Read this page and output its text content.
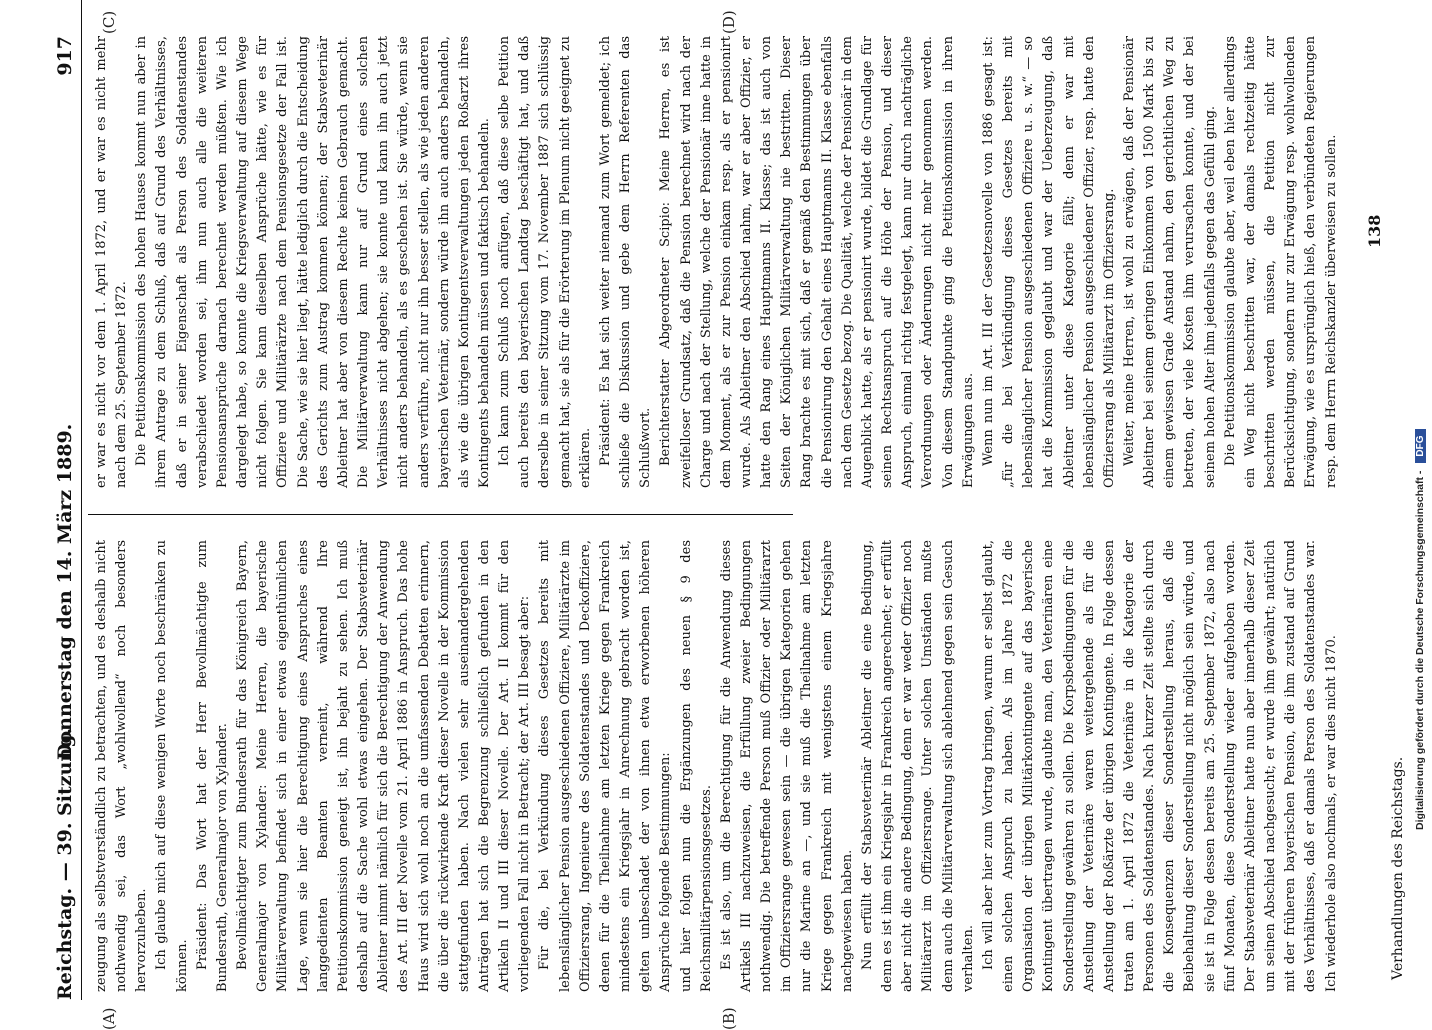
Reichstag. — 39. Sitzung.
Donnerstag den 14. März 1889.
917
(A)	(B)
(C)	(D)

zeugung als selbstverständlich zu betrachten, und es deshalb nicht nothwendig sei, das Wort „wohlwollend“ noch besonders hervorzuheben. Ich glaube mich auf diese wenigen Worte noch beschränken zu können. Präsident: Das Wort hat der Herr Bevollmächtigte zum Bundesrath, Generalmajor von Xylander. Bevollmächtigter zum Bundesrath für das Königreich Bayern, Generalmajor von Xylander: Meine Herren, die bayerische Militärverwaltung befindet sich in einer etwas eigenthümlichen Lage, wenn sie hier die Berechtigung eines Anspruches eines langgedienten Beamten verneint, während Ihre Petitionskommission geneigt ist, ihn bejaht zu sehen. Ich muß deshalb auf die Sache wohl etwas eingehen. Der Stabsveterinär Ableitner nimmt nämlich für sich die Berechtigung der Anwendung des Art. III der Novelle vom 21. April 1886 in Anspruch. Das hohe Haus wird sich wohl noch an die umfassenden Debatten erinnern, die über die rückwirkende Kraft dieser Novelle in der Kommission stattgefunden haben. Nach vielen sehr auseinandergehenden Anträgen hat sich die Begrenzung schließlich gefunden in den Artikeln II und III dieser Novelle. Der Art. II kommt für den vorliegenden Fall nicht in Betracht; der Art. III besagt aber: Für die, bei Verkündung dieses Gesetzes bereits mit lebenslänglicher Pension ausgeschiedenen Offiziere, Militärärzte im Offiziersrang, Ingenieure des Soldatenstandes und Deckoffiziere, denen für die Theilnahme am letzten Kriege gegen Frankreich mindestens ein Kriegsjahr in Anrechnung gebracht worden ist, gelten unbeschadet der von ihnen etwa erworbenen höheren Ansprüche folgende Bestimmungen: und hier folgen nun die Ergänzungen des neuen § 9 des Reichsmilitärpensionsgesetzes. Es ist also, um die Berechtigung für die Anwendung dieses Artikels III nachzuweisen, die Erfüllung zweier Bedingungen nothwendig. Die betreffende Person muß Offizier oder Militärarzt im Offiziersrange gewesen sein — die übrigen Kategorien gehen nur die Marine an —, und sie muß die Theilnahme am letzten Kriege gegen Frankreich mit wenigstens einem Kriegsjahre nachgewiesen haben. Nun erfüllt der Stabsveterinär Ableitner die eine Bedingung, denn es ist ihm ein Kriegsjahr in Frankreich angerechnet; er erfüllt aber nicht die andere Bedingung, denn er war weder Offizier noch Militärarzt im Offiziersrange. Unter solchen Umständen mußte denn auch die Militärverwaltung sich ablehnend gegen sein Gesuch verhalten. Ich will aber hier zum Vortrag bringen, warum er selbst glaubt, einen solchen Anspruch zu haben. Als im Jahre 1872 die Organisation der übrigen Militärkontingente auf das bayerische Kontingent übertragen wurde, glaubte man, den Veterinären eine Sonderstellung gewähren zu sollen. Die Korpsbedingungen für die Anstellung der Veterinäre waren weitergehende als für die Anstellung der Roßärzte der übrigen Kontingente. In Folge dessen traten am 1. April 1872 die Veterinäre in die Kategorie der Personen des Soldatenstandes. Nach kurzer Zeit stellte sich durch die Konsequenzen dieser Sonderstellung heraus, daß die Beibehaltung dieser Sonderstellung nicht möglich sein würde, und sie ist in Folge dessen bereits am 25. September 1872, also nach fünf Monaten, diese Sonderstellung wieder aufgehoben worden. Der Stabsveterinär Ableitner hatte nun aber innerhalb dieser Zeit um seinen Abschied nachgesucht; er wurde ihm gewährt; natürlich mit der früheren bayerischen Pension, die ihm zustand auf Grund des Verhältnisses, daß er damals Person des Soldatenstandes war. Ich wiederhole also nochmals, er war dies nicht 1870.

er war es nicht vor dem 1. April 1872, und er war es nicht mehr nach dem 25. September 1872. Die Petitionskommission des hohen Hauses kommt nun aber in ihrem Antrage zu dem Schluß, daß auf Grund des Verhältnisses, daß er in seiner Eigenschaft als Person des Soldatenstandes verabschiedet worden sei, ihm nun auch alle die weiteren Pensionsansprüche darnach berechnet werden müßten. Wie ich dargelegt habe, so konnte die Kriegsverwaltung auf diesem Wege nicht folgen. Sie kann dieselben Ansprüche hätte, wie es für Offiziere und Militärärzte nach dem Pensionsgesetze der Fall ist. Die Sache, wie sie hier liegt, hätte lediglich durch die Entscheidung des Gerichts zum Austrag kommen können; der Stabsveterinär Ableitner hat aber von diesem Rechte keinen Gebrauch gemacht. Die Militärverwaltung kann nur auf Grund eines solchen Verhältnisses nicht abgehen; sie konnte und kann ihn auch jetzt nicht anders behandeln, als es geschehen ist. Sie würde, wenn sie anders verführe, nicht nur ihn besser stellen, als wie jeden anderen bayerischen Veterinär, sondern würde ihn auch anders behandeln, als wie die übrigen Kontingentsverwaltungen jeden Roßarzt ihres Kontingents behandeln müssen und faktisch behandeln. Ich kann zum Schluß noch anfügen, daß diese selbe Petition auch bereits den bayerischen Landtag beschäftigt hat, und daß derselbe in seiner Sitzung vom 17. November 1887 sich schlüssig gemacht hat, sie als für die Erörterung im Plenum nicht geeignet zu erklären. Präsident: Es hat sich weiter niemand zum Wort gemeldet; ich schließe die Diskussion und gebe dem Herrn Referenten das Schlußwort. Berichterstatter Abgeordneter Scipio: Meine Herren, es ist zweifelloser Grundsatz, daß die Pension berechnet wird nach der Charge und nach der Stellung, welche der Pensionär inne hatte in dem Moment, als er zur Pension einkam resp. als er pensionirt wurde. Als Ableitner den Abschied nahm, war er aber Offizier, er hatte den Rang eines Hauptmanns II. Klasse; das ist auch von Seiten der Königlichen Militärverwaltung nie bestritten. Dieser Rang brachte es mit sich, daß er gemäß den Bestimmungen über die Pensionirung den Gehalt eines Hauptmanns II. Klasse ebenfalls nach dem Gesetze bezog. Die Qualität, welche der Pensionär in dem Augenblick hatte, als er pensionirt wurde, bildet die Grundlage für seinen Rechtsanspruch auf die Höhe der Pension, und dieser Anspruch, einmal richtig festgelegt, kann nur durch nachträgliche Verordnungen oder Änderungen nicht mehr genommen werden. Von diesem Standpunkte ging die Petitionskommission in ihren Erwägungen aus. Wenn nun im Art. III der Gesetzesnovelle von 1886 gesagt ist: „für die bei Verkündigung dieses Gesetzes bereits mit lebenslänglicher Pension ausgeschiedenen Offiziere u. s. w.“ — so hat die Kommission geglaubt und war der Ueberzeugung, daß Ableitner unter diese Kategorie fällt; denn er war mit lebenslänglicher Pension ausgeschiedener Offizier, resp. hatte den Offiziersrang als Militärarzt im Offiziersrang. Weiter, meine Herren, ist wohl zu erwägen, daß der Pensionär Ableitner bei seinem geringen Einkommen von 1500 Mark bis zu einem gewissen Grade Anstand nahm, den gerichtlichen Weg zu betreten, der viele Kosten ihm verursachen konnte, und der bei seinem hohen Alter ihm jedenfalls gegen das Gefühl ging. Die Petitionskommission glaubte aber, weil eben hier allerdings ein Weg nicht beschritten war, der damals rechtzeitig hätte beschritten werden müssen, die Petition nicht zur Berücksichtigung, sondern nur zur Erwägung resp. wohlwollenden Erwägung, wie es ursprünglich hieß, den verbündeten Regierungen resp. dem Herrn Reichskanzler überweisen zu sollen.

Verhandlungen des Reichstags.
138
Digitalisierung gefördert durch die Deutsche Forschungsgemeinschaft -DFG
